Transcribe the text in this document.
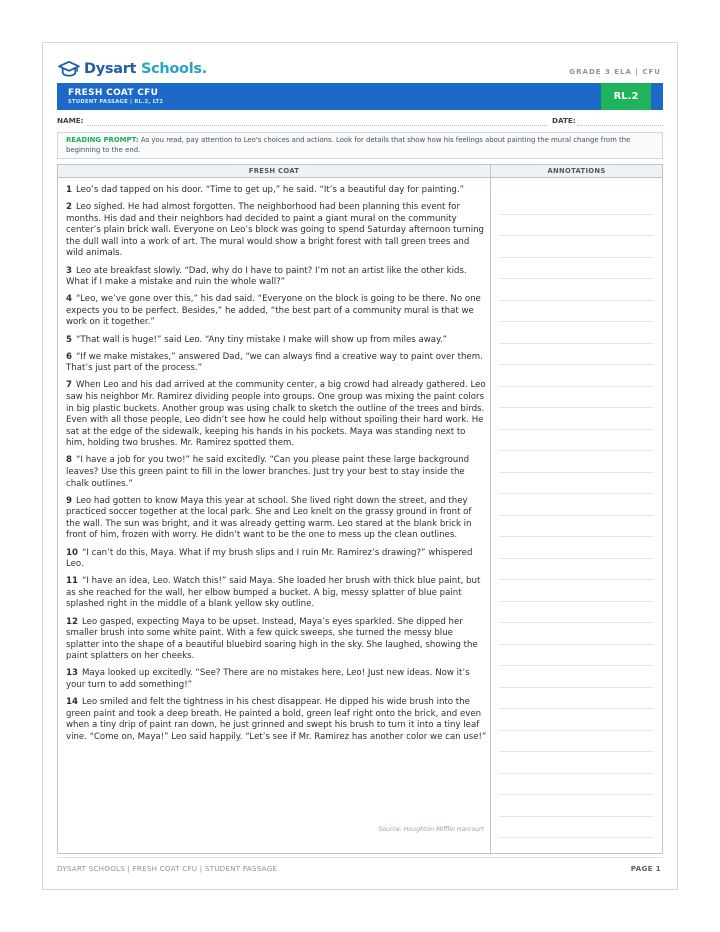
Dysart Schools.	GRADE 3 ELA | CFU
FRESH COAT CFU
STUDENT PASSAGE | RL.2, LT2	RL.2
NAME:	DATE:
READING PROMPT: As you read, pay attention to Leo's choices and actions. Look for details that show how his feelings about painting the mural change from the beginning to the end.
FRESH COAT	ANNOTATIONS

1 Leo’s dad tapped on his door. “Time to get up,” he said. “It’s a beautiful day for painting.”

2 Leo sighed. He had almost forgotten. The neighborhood had been planning this event for months. His dad and their neighbors had decided to paint a giant mural on the community center’s plain brick wall. Everyone on Leo’s block was going to spend Saturday afternoon turning the dull wall into a work of art. The mural would show a bright forest with tall green trees and wild animals.

3 Leo ate breakfast slowly. “Dad, why do I have to paint? I’m not an artist like the other kids. What if I make a mistake and ruin the whole wall?”

4 “Leo, we’ve gone over this,” his dad said. “Everyone on the block is going to be there. No one expects you to be perfect. Besides,” he added, “the best part of a community mural is that we work on it together.”

5 “That wall is huge!” said Leo. “Any tiny mistake I make will show up from miles away.”

6 “If we make mistakes,” answered Dad, “we can always find a creative way to paint over them. That’s just part of the process.”

7 When Leo and his dad arrived at the community center, a big crowd had already gathered. Leo saw his neighbor Mr. Ramirez dividing people into groups. One group was mixing the paint colors in big plastic buckets. Another group was using chalk to sketch the outline of the trees and birds. Even with all those people, Leo didn’t see how he could help without spoiling their hard work. He sat at the edge of the sidewalk, keeping his hands in his pockets. Maya was standing next to him, holding two brushes. Mr. Ramirez spotted them.

8 “I have a job for you two!” he said excitedly. “Can you please paint these large background leaves? Use this green paint to fill in the lower branches. Just try your best to stay inside the chalk outlines.”

9 Leo had gotten to know Maya this year at school. She lived right down the street, and they practiced soccer together at the local park. She and Leo knelt on the grassy ground in front of the wall. The sun was bright, and it was already getting warm. Leo stared at the blank brick in front of him, frozen with worry. He didn’t want to be the one to mess up the clean outlines.

10 “I can’t do this, Maya. What if my brush slips and I ruin Mr. Ramirez’s drawing?” whispered Leo.

11 “I have an idea, Leo. Watch this!” said Maya. She loaded her brush with thick blue paint, but as she reached for the wall, her elbow bumped a bucket. A big, messy splatter of blue paint splashed right in the middle of a blank yellow sky outline.

12 Leo gasped, expecting Maya to be upset. Instead, Maya’s eyes sparkled. She dipped her smaller brush into some white paint. With a few quick sweeps, she turned the messy blue splatter into the shape of a beautiful bluebird soaring high in the sky. She laughed, showing the paint splatters on her cheeks.

13 Maya looked up excitedly. “See? There are no mistakes here, Leo! Just new ideas. Now it’s your turn to add something!”

14 Leo smiled and felt the tightness in his chest disappear. He dipped his wide brush into the green paint and took a deep breath. He painted a bold, green leaf right onto the brick, and even when a tiny drip of paint ran down, he just grinned and swept his brush to turn it into a tiny leaf vine. “Come on, Maya!” Leo said happily. “Let’s see if Mr. Ramirez has another color we can use!”

Source: Houghton Mifflin Harcourt
DYSART SCHOOLS | FRESH COAT CFU | STUDENT PASSAGE	PAGE 1
